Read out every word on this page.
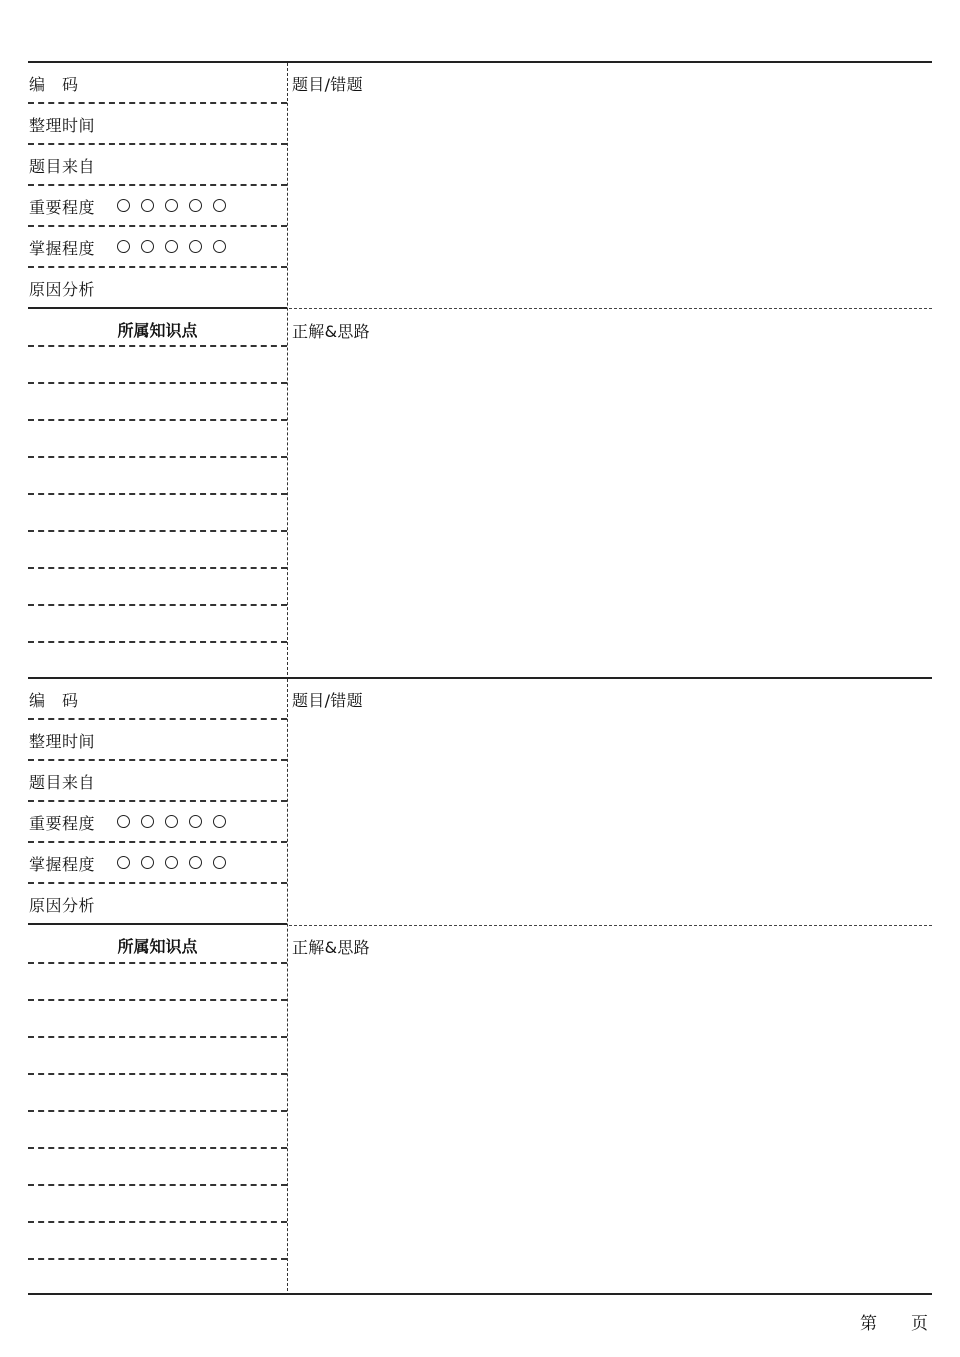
编　码
整理时间
题目来自
重要程度
掌握程度
原因分析
所属知识点
题目/错题
正解&思路
编　码
整理时间
题目来自
重要程度
掌握程度
原因分析
所属知识点
题目/错题
正解&思路
第　　页
